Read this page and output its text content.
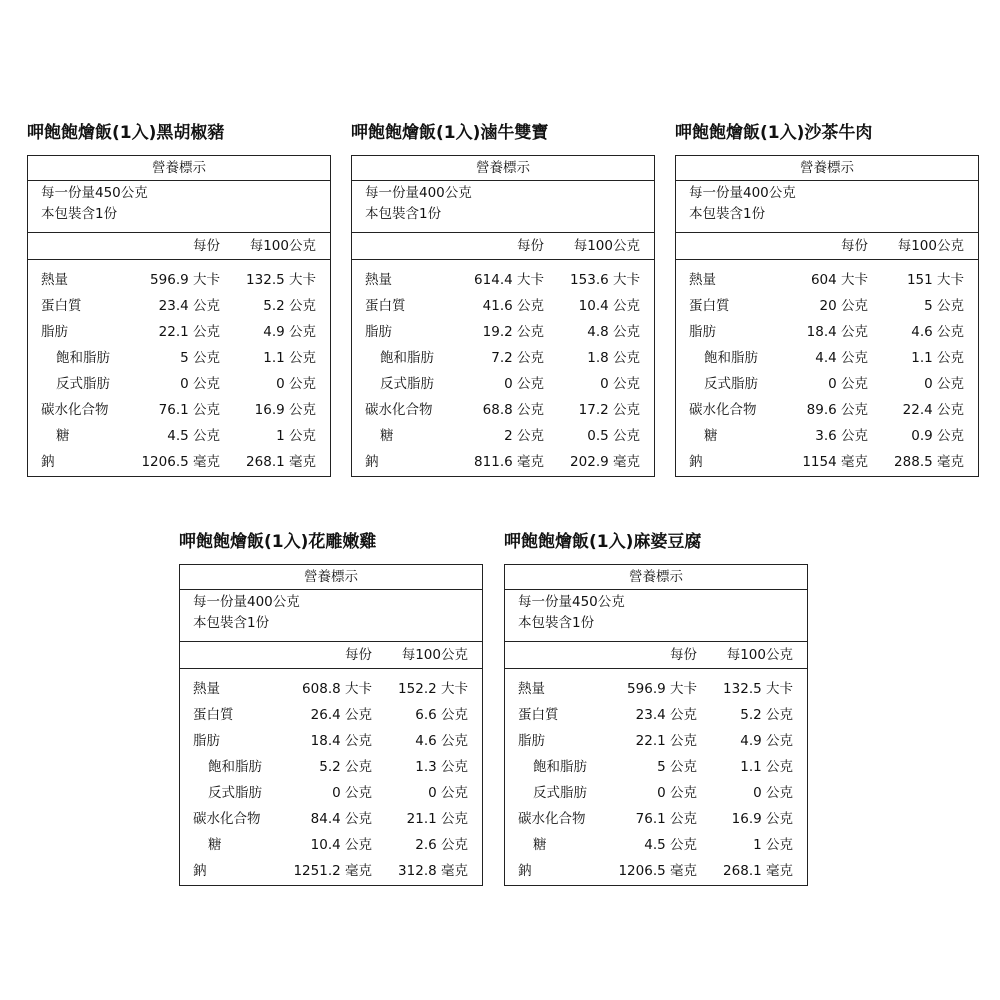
呷飽飽燴飯(1入)黑胡椒豬
營養標示
每一份量450公克
本包裝含1份
每份 每100公克
熱量	596.9 大卡 132.5 大卡
蛋白質	23.4 公克	5.2 公克
脂肪	22.1 公克	4.9 公克
飽和脂肪	5 公克	1.1 公克
反式脂肪	0 公克	0 公克
碳水化合物	76.1 公克	16.9 公克
糖	4.5 公克	1 公克
鈉	1206.5 毫克 268.1 毫克
呷飽飽燴飯(1入)滷牛雙寶
營養標示
每一份量400公克
本包裝含1份
每份 每100公克
熱量	614.4 大卡 153.6 大卡
蛋白質	41.6 公克	10.4 公克
脂肪	19.2 公克	4.8 公克
飽和脂肪	7.2 公克	1.8 公克
反式脂肪	0 公克	0 公克
碳水化合物	68.8 公克	17.2 公克
糖	2 公克	0.5 公克
鈉	811.6 毫克 202.9 毫克
呷飽飽燴飯(1入)沙茶牛肉
營養標示
每一份量400公克
本包裝含1份
每份 每100公克
熱量	604 大卡	151 大卡
蛋白質	20 公克	5 公克
脂肪	18.4 公克	4.6 公克
飽和脂肪	4.4 公克	1.1 公克
反式脂肪	0 公克	0 公克
碳水化合物	89.6 公克	22.4 公克
糖	3.6 公克	0.9 公克
鈉	1154 毫克 288.5 毫克
呷飽飽燴飯(1入)花雕嫩雞
營養標示
每一份量400公克
本包裝含1份
每份 每100公克
熱量	608.8 大卡 152.2 大卡
蛋白質	26.4 公克	6.6 公克
脂肪	18.4 公克	4.6 公克
飽和脂肪	5.2 公克	1.3 公克
反式脂肪	0 公克	0 公克
碳水化合物	84.4 公克	21.1 公克
糖	10.4 公克	2.6 公克
鈉	1251.2 毫克 312.8 毫克
呷飽飽燴飯(1入)麻婆豆腐
營養標示
每一份量450公克
本包裝含1份
每份 每100公克
熱量	596.9 大卡 132.5 大卡
蛋白質	23.4 公克	5.2 公克
脂肪	22.1 公克	4.9 公克
飽和脂肪	5 公克	1.1 公克
反式脂肪	0 公克	0 公克
碳水化合物	76.1 公克	16.9 公克
糖	4.5 公克	1 公克
鈉	1206.5 毫克 268.1 毫克
